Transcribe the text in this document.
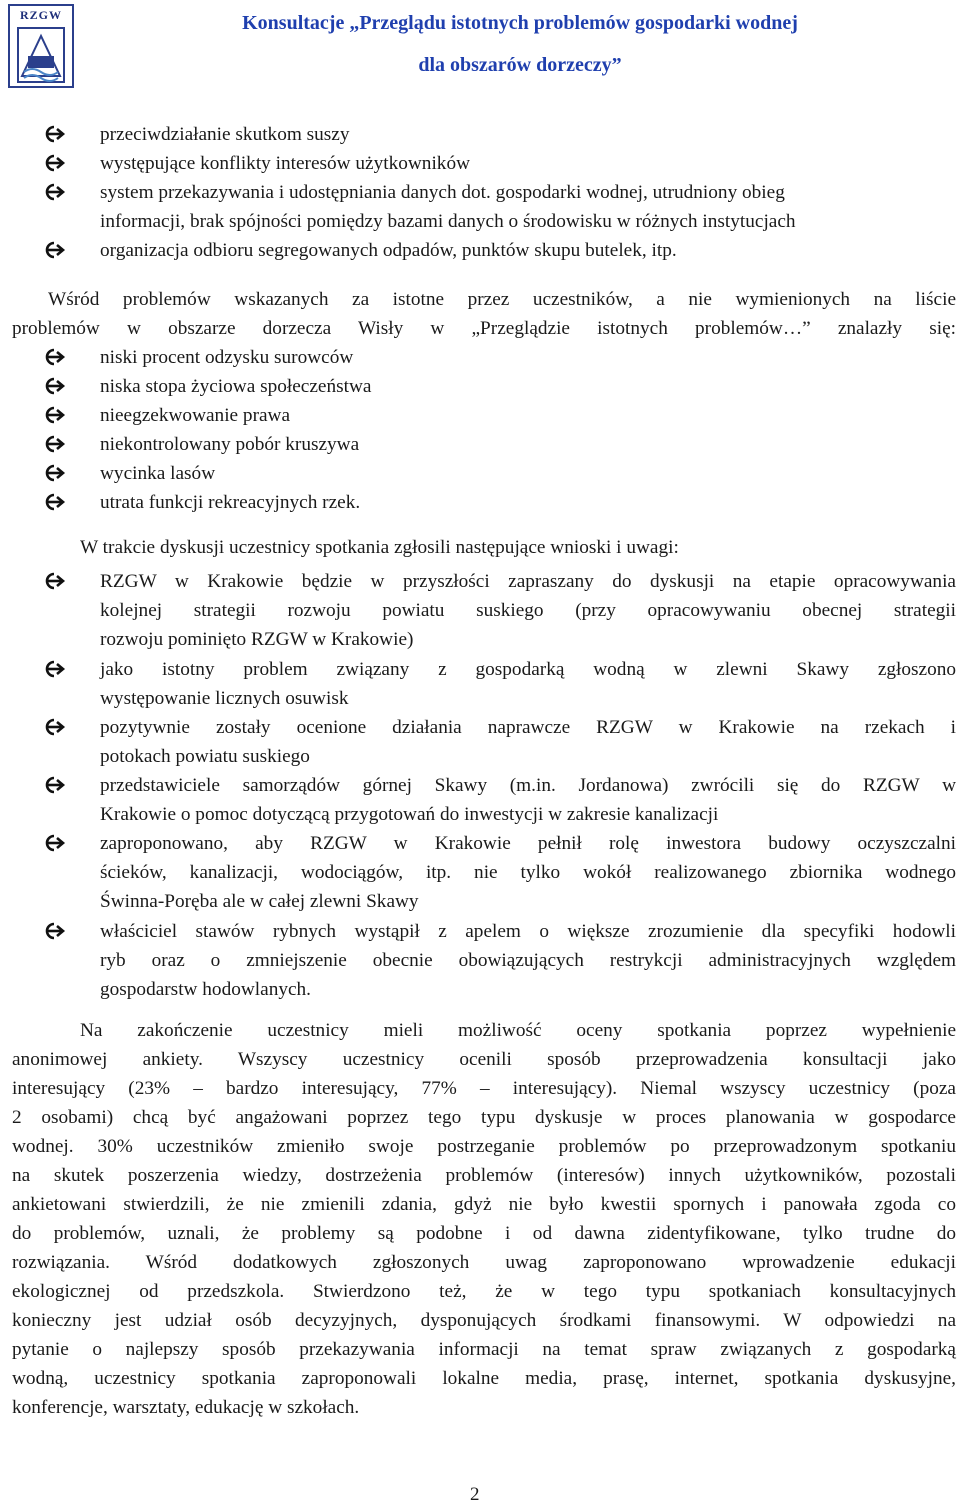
RZGW	Konsultacje „Przeglądu istotnych problemów gospodarki wodnej
dla obszarów dorzeczy”
przeciwdziałanie skutkom suszy
występujące konflikty interesów użytkowników
system przekazywania i udostępniania danych dot. gospodarki wodnej, utrudniony obieg
informacji, brak spójności pomiędzy bazami danych o środowisku w różnych instytucjach
organizacja odbioru segregowanych odpadów, punktów skupu butelek, itp.
Wśród problemów wskazanych za istotne przez uczestników, a nie wymienionych na liście
problemów w obszarze dorzecza Wisły w „Przeglądzie istotnych problemów…” znalazły się:
niski procent odzysku surowców
niska stopa życiowa społeczeństwa
nieegzekwowanie prawa
niekontrolowany pobór kruszywa
wycinka lasów
utrata funkcji rekreacyjnych rzek.
W trakcie dyskusji uczestnicy spotkania zgłosili następujące wnioski i uwagi:
RZGW w Krakowie będzie w przyszłości zapraszany do dyskusji na etapie opracowywania
kolejnej strategii rozwoju powiatu suskiego (przy opracowywaniu obecnej strategii
rozwoju pominięto RZGW w Krakowie)
jako istotny problem związany z gospodarką wodną w zlewni Skawy zgłoszono
występowanie licznych osuwisk
pozytywnie zostały ocenione działania naprawcze RZGW w Krakowie na rzekach i
potokach powiatu suskiego
przedstawiciele samorządów górnej Skawy (m.in. Jordanowa) zwrócili się do RZGW w
Krakowie o pomoc dotyczącą przygotowań do inwestycji w zakresie kanalizacji
zaproponowano, aby RZGW w Krakowie pełnił rolę inwestora budowy oczyszczalni
ścieków, kanalizacji, wodociągów, itp. nie tylko wokół realizowanego zbiornika wodnego
Świnna-Poręba ale w całej zlewni Skawy
właściciel stawów rybnych wystąpił z apelem o większe zrozumienie dla specyfiki hodowli
ryb oraz o zmniejszenie obecnie obowiązujących restrykcji administracyjnych względem
gospodarstw hodowlanych.
Na zakończenie uczestnicy mieli możliwość oceny spotkania poprzez wypełnienie
anonimowej ankiety. Wszyscy uczestnicy ocenili sposób przeprowadzenia konsultacji jako
interesujący (23% – bardzo interesujący, 77% – interesujący). Niemal wszyscy uczestnicy (poza
2 osobami) chcą być angażowani poprzez tego typu dyskusje w proces planowania w gospodarce
wodnej. 30% uczestników zmieniło swoje postrzeganie problemów po przeprowadzonym spotkaniu
na skutek poszerzenia wiedzy, dostrzeżenia problemów (interesów) innych użytkowników, pozostali
ankietowani stwierdzili, że nie zmienili zdania, gdyż nie było kwestii spornych i panowała zgoda co
do problemów, uznali, że problemy są podobne i od dawna zidentyfikowane, tylko trudne do
rozwiązania. Wśród dodatkowych zgłoszonych uwag zaproponowano wprowadzenie edukacji
ekologicznej od przedszkola. Stwierdzono też, że w tego typu spotkaniach konsultacyjnych
konieczny jest udział osób decyzyjnych, dysponujących środkami finansowymi. W odpowiedzi na
pytanie o najlepszy sposób przekazywania informacji na temat spraw związanych z gospodarką
wodną, uczestnicy spotkania zaproponowali lokalne media, prasę, internet, spotkania dyskusyjne,
konferencje, warsztaty, edukację w szkołach.
2
